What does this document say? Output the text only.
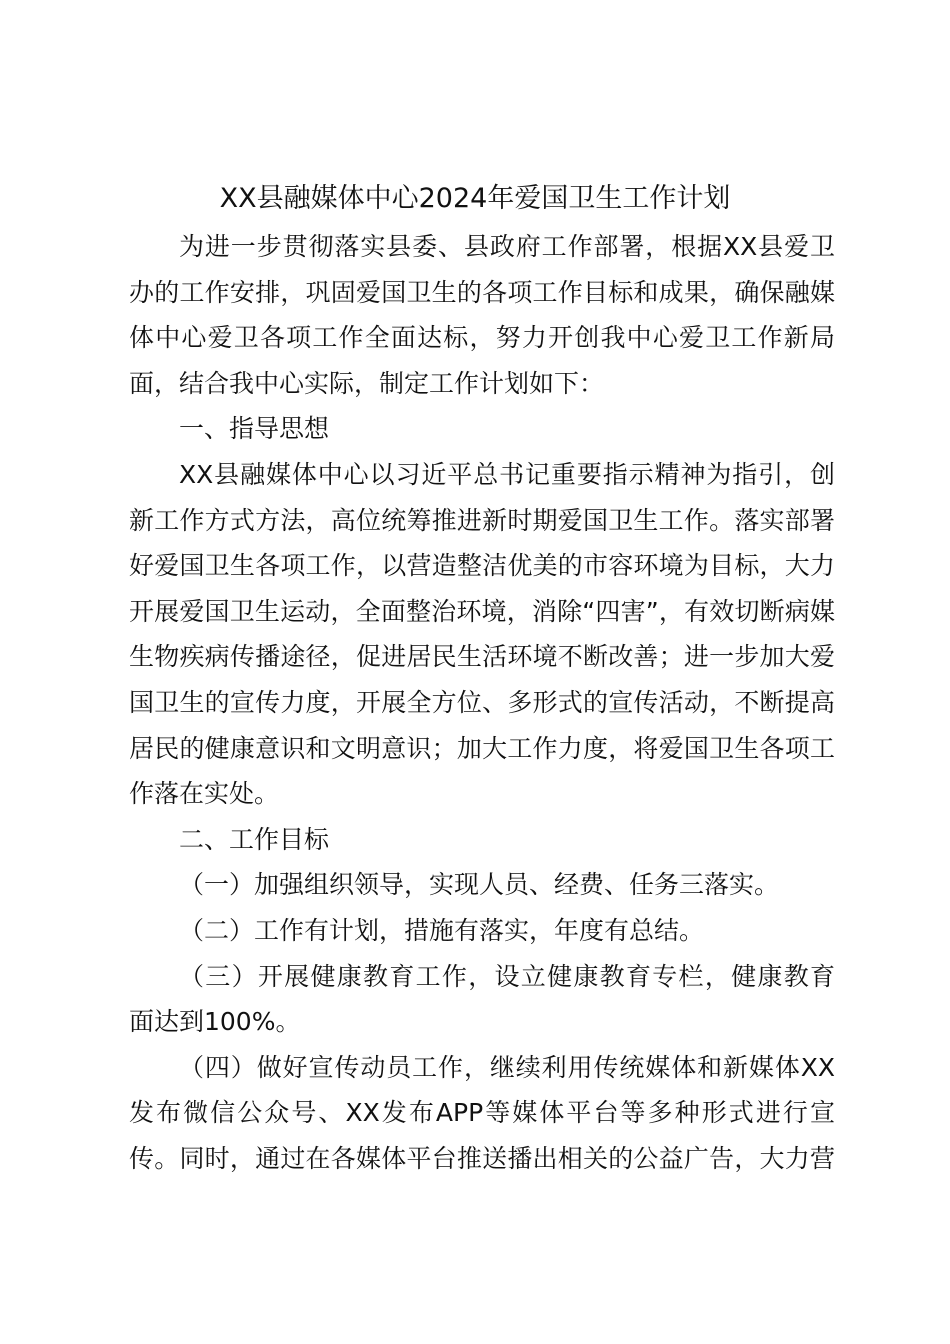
XX县融媒体中心2024年爱国卫生工作计划
为进一步贯彻落实县委、县政府工作部署，根据XX县爱卫
办的工作安排，巩固爱国卫生的各项工作目标和成果，确保融媒
体中心爱卫各项工作全面达标，努力开创我中心爱卫工作新局
面，结合我中心实际，制定工作计划如下：
一、指导思想
XX县融媒体中心以习近平总书记重要指示精神为指引，创
新工作方式方法，高位统筹推进新时期爱国卫生工作。落实部署
好爱国卫生各项工作，以营造整洁优美的市容环境为目标，大力
开展爱国卫生运动，全面整治环境，消除“四害”，有效切断病媒
生物疾病传播途径，促进居民生活环境不断改善；进一步加大爱
国卫生的宣传力度，开展全方位、多形式的宣传活动，不断提高
居民的健康意识和文明意识；加大工作力度，将爱国卫生各项工
作落在实处。
二、工作目标
（一）加强组织领导，实现人员、经费、任务三落实。
（二）工作有计划，措施有落实，年度有总结。
（三）开展健康教育工作，设立健康教育专栏，健康教育
面达到100%。
（四）做好宣传动员工作，继续利用传统媒体和新媒体XX
发布微信公众号、XX发布APP等媒体平台等多种形式进行宣
传。同时，通过在各媒体平台推送播出相关的公益广告，大力营
